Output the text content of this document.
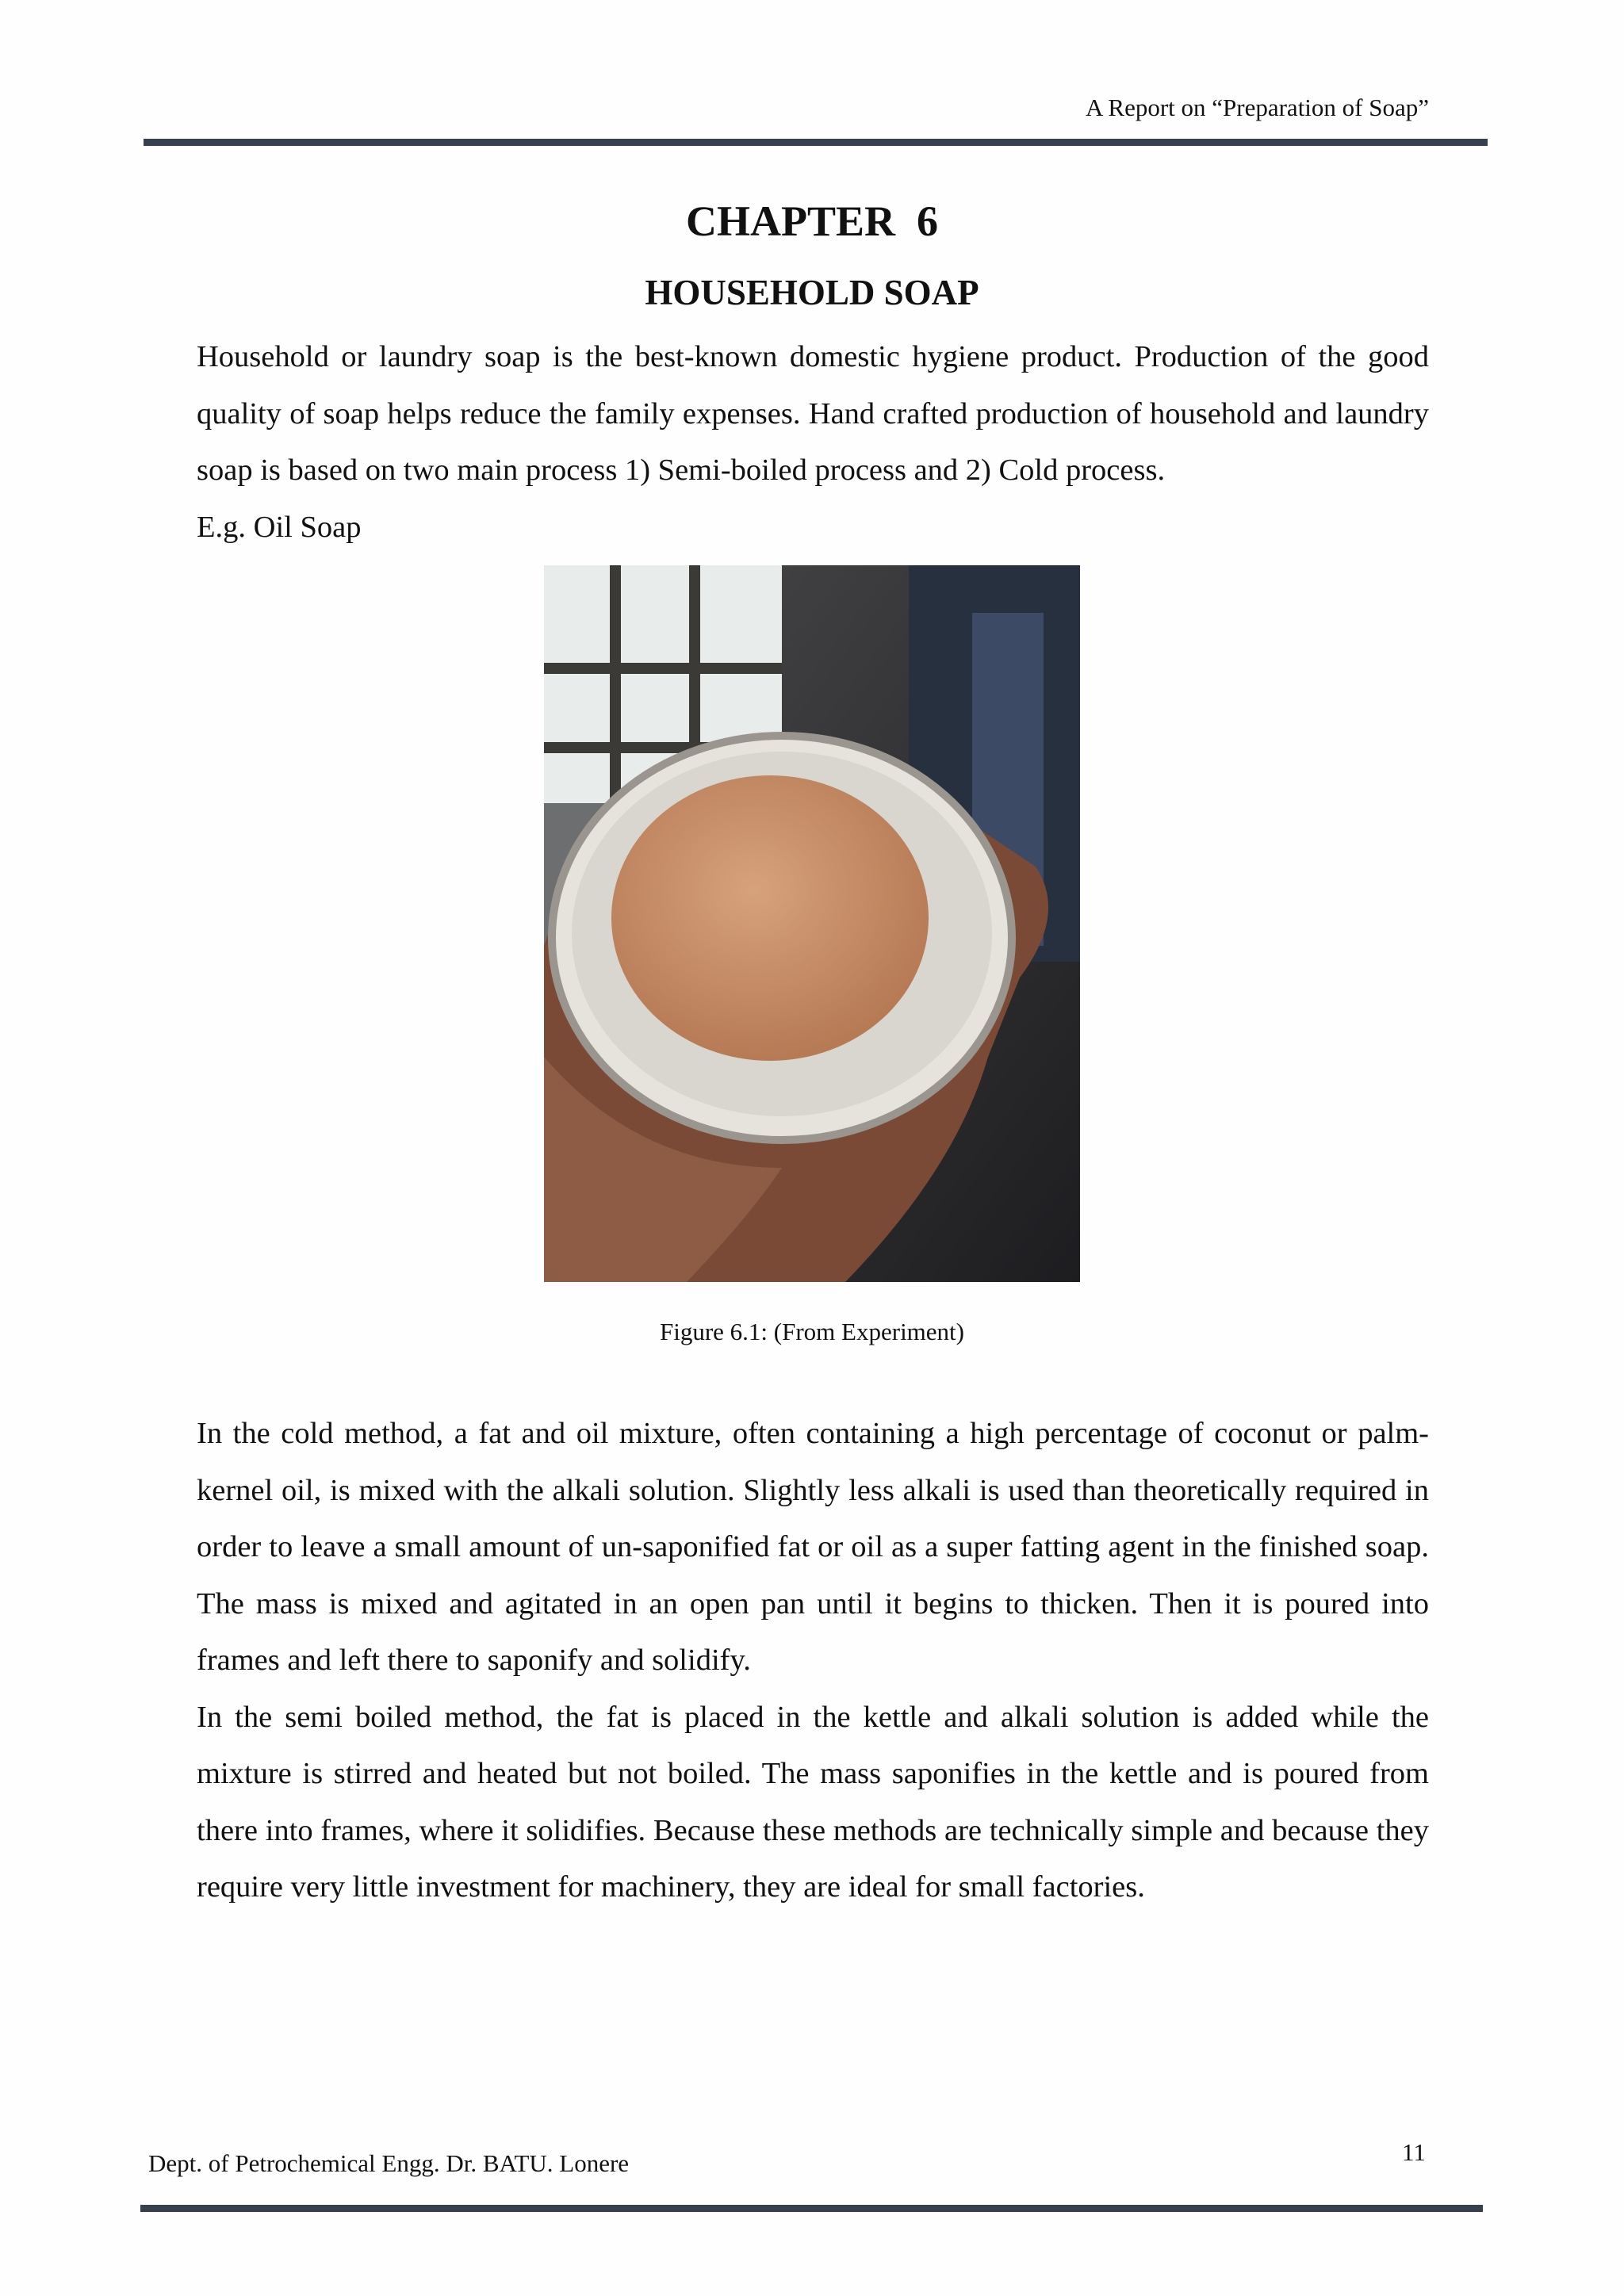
A Report on “Preparation of Soap”
CHAPTER  6
HOUSEHOLD SOAP

Household or laundry soap is the best-known domestic hygiene product. Production of the good quality of soap helps reduce the family expenses. Hand crafted production of household and laundry soap is based on two main process 1) Semi-boiled process and 2) Cold process.

E.g. Oil Soap

Figure 6.1: (From Experiment)

In the cold method, a fat and oil mixture, often containing a high percentage of coconut or palm-kernel oil, is mixed with the alkali solution. Slightly less alkali is used than theoretically required in order to leave a small amount of un-saponified fat or oil as a super fatting agent in the finished soap. The mass is mixed and agitated in an open pan until it begins to thicken. Then it is poured into frames and left there to saponify and solidify.

In the semi boiled method, the fat is placed in the kettle and alkali solution is added while the mixture is stirred and heated but not boiled. The mass saponifies in the kettle and is poured from there into frames, where it solidifies. Because these methods are technically simple and because they require very little investment for machinery, they are ideal for small factories.

Dept. of Petrochemical Engg. Dr. BATU. Lonere	11
